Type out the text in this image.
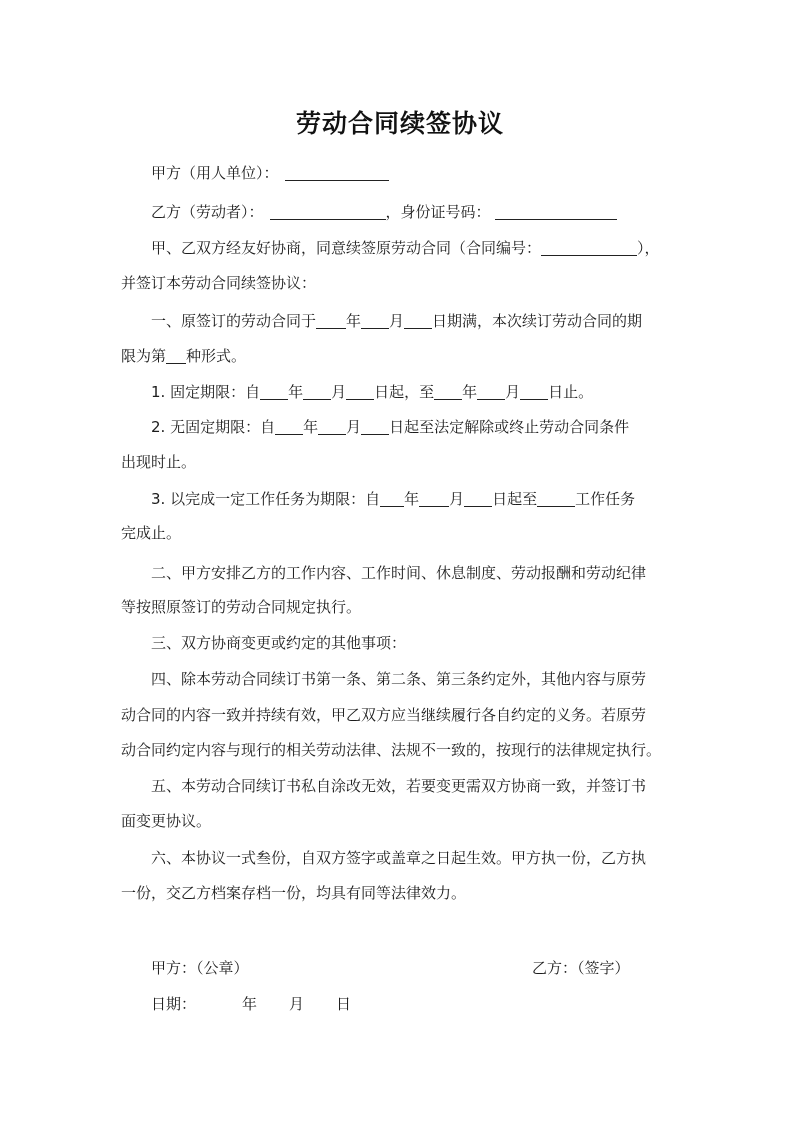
劳动合同续签协议
甲方（用人单位）：
乙方（劳动者）：	，身份证号码：
甲、乙双方经友好协商，同意续签原劳动合同（合同编号：	），
并签订本劳动合同续签协议：
一、原签订的劳动合同于 年 月 日期满，本次续订劳动合同的期
限为第 种形式。
1. 固定期限：自 年 月 日起，至 年 月 日止。
2. 无固定期限：自 年 月 日起至法定解除或终止劳动合同条件
出现时止。
3. 以完成一定工作任务为期限：自 年 月 日起至	工作任务
完成止。
二、甲方安排乙方的工作内容、工作时间、休息制度、劳动报酬和劳动纪律
等按照原签订的劳动合同规定执行。
三、双方协商变更或约定的其他事项：
四、除本劳动合同续订书第一条、第二条、第三条约定外，其他内容与原劳
动合同的内容一致并持续有效，甲乙双方应当继续履行各自约定的义务。若原劳
动合同约定内容与现行的相关劳动法律、法规不一致的，按现行的法律规定执行。
五、本劳动合同续订书私自涂改无效，若要变更需双方协商一致，并签订书
面变更协议。
六、本协议一式叁份，自双方签字或盖章之日起生效。甲方执一份，乙方执
一份，交乙方档案存档一份，均具有同等法律效力。
甲方：（公章）	乙方：（签字）
日期：	年 月 日
